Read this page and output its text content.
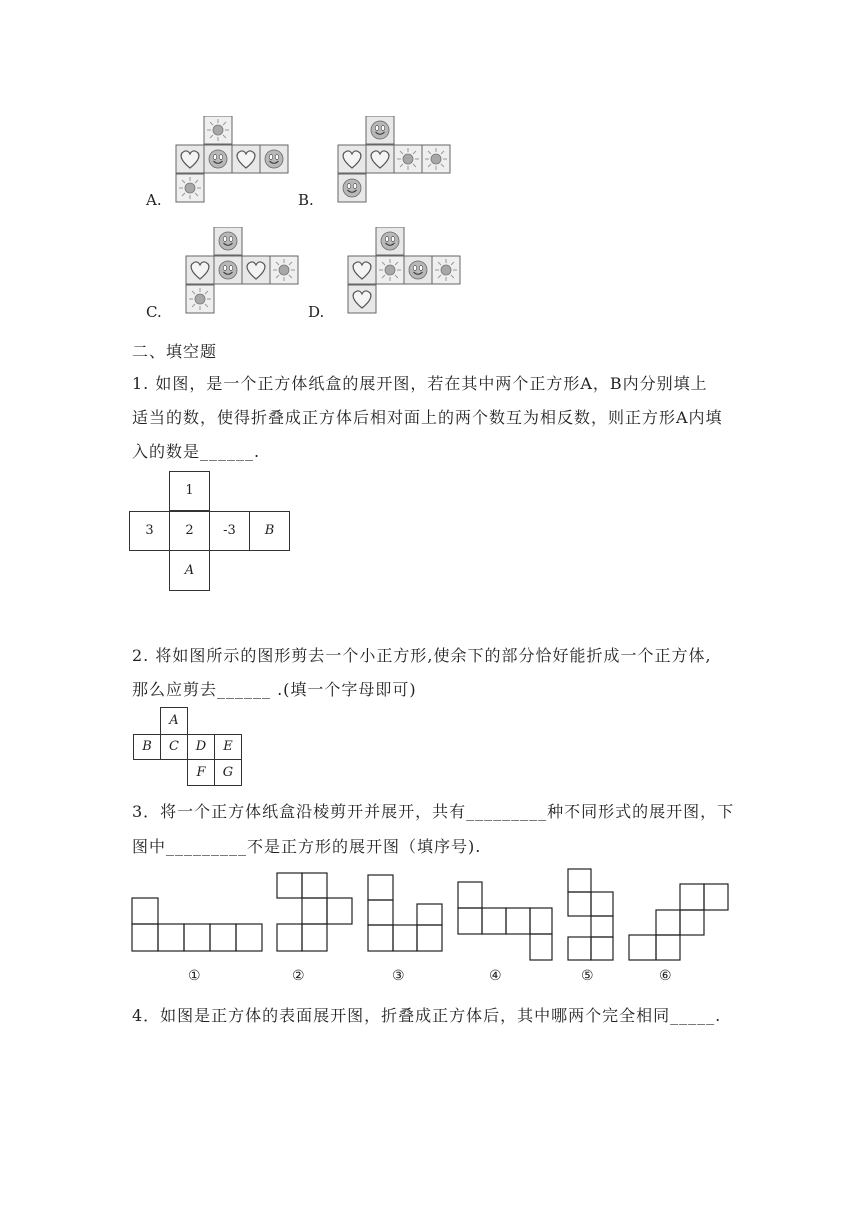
A.	B.
C.	D.
二、填空题
1. 如图，是一个正方体纸盒的展开图，若在其中两个正方形A，B内分别填上
适当的数，使得折叠成正方体后相对面上的两个数互为相反数，则正方形A内填
入的数是______.
1
3	2	-3	B
A
2. 将如图所示的图形剪去一个小正方形,使余下的部分恰好能折成一个正方体,
那么应剪去______ .(填一个字母即可)
A
B	C	D	E
F	G
3．将一个正方体纸盒沿棱剪开并展开，共有_________种不同形式的展开图，下
图中_________不是正方形的展开图（填序号).
①	②	③	④	⑤	⑥
4．如图是正方体的表面展开图，折叠成正方体后，其中哪两个完全相同_____.
